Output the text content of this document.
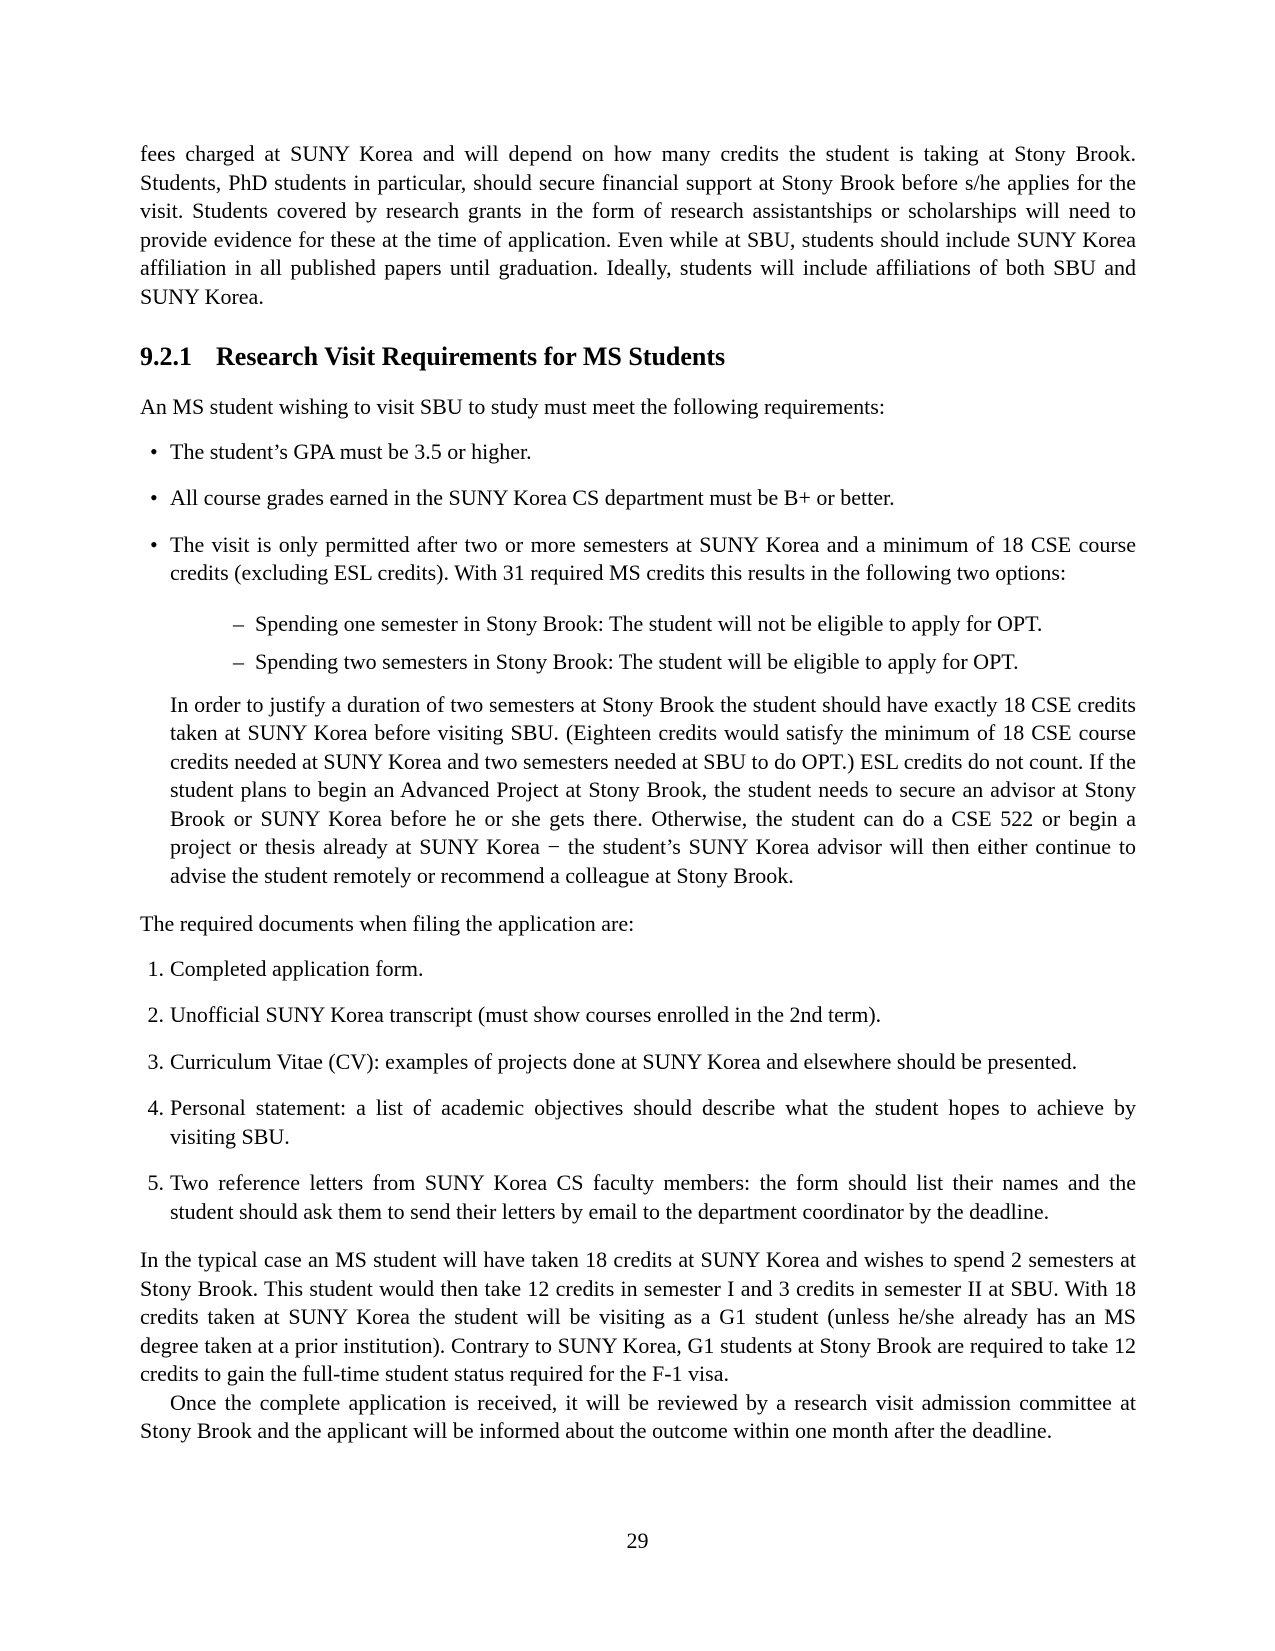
fees charged at SUNY Korea and will depend on how many credits the student is taking at Stony Brook. Students, PhD students in particular, should secure financial support at Stony Brook before s/he applies for the visit. Students covered by research grants in the form of research assistantships or scholarships will need to provide evidence for these at the time of application. Even while at SBU, students should include SUNY Korea affiliation in all published papers until graduation. Ideally, students will include affiliations of both SBU and SUNY Korea.

9.2.1 Research Visit Requirements for MS Students

An MS student wishing to visit SBU to study must meet the following requirements:

• The student’s GPA must be 3.5 or higher.
• All course grades earned in the SUNY Korea CS department must be B+ or better.
• The visit is only permitted after two or more semesters at SUNY Korea and a minimum of 18 CSE course credits (excluding ESL credits). With 31 required MS credits this results in the following two options:
– Spending one semester in Stony Brook: The student will not be eligible to apply for OPT.
– Spending two semesters in Stony Brook: The student will be eligible to apply for OPT.

In order to justify a duration of two semesters at Stony Brook the student should have exactly 18 CSE credits taken at SUNY Korea before visiting SBU. (Eighteen credits would satisfy the minimum of 18 CSE course credits needed at SUNY Korea and two semesters needed at SBU to do OPT.) ESL credits do not count. If the student plans to begin an Advanced Project at Stony Brook, the student needs to secure an advisor at Stony Brook or SUNY Korea before he or she gets there. Otherwise, the student can do a CSE 522 or begin a project or thesis already at SUNY Korea − the student’s SUNY Korea advisor will then either continue to advise the student remotely or recommend a colleague at Stony Brook.

The required documents when filing the application are:

1. Completed application form.
2. Unofficial SUNY Korea transcript (must show courses enrolled in the 2nd term).
3. Curriculum Vitae (CV): examples of projects done at SUNY Korea and elsewhere should be presented.
4. Personal statement: a list of academic objectives should describe what the student hopes to achieve by visiting SBU.
5. Two reference letters from SUNY Korea CS faculty members: the form should list their names and the student should ask them to send their letters by email to the department coordinator by the deadline.

In the typical case an MS student will have taken 18 credits at SUNY Korea and wishes to spend 2 semesters at Stony Brook. This student would then take 12 credits in semester I and 3 credits in semester II at SBU. With 18 credits taken at SUNY Korea the student will be visiting as a G1 student (unless he/she already has an MS degree taken at a prior institution). Contrary to SUNY Korea, G1 students at Stony Brook are required to take 12 credits to gain the full-time student status required for the F-1 visa.

Once the complete application is received, it will be reviewed by a research visit admission committee at Stony Brook and the applicant will be informed about the outcome within one month after the deadline.

29
